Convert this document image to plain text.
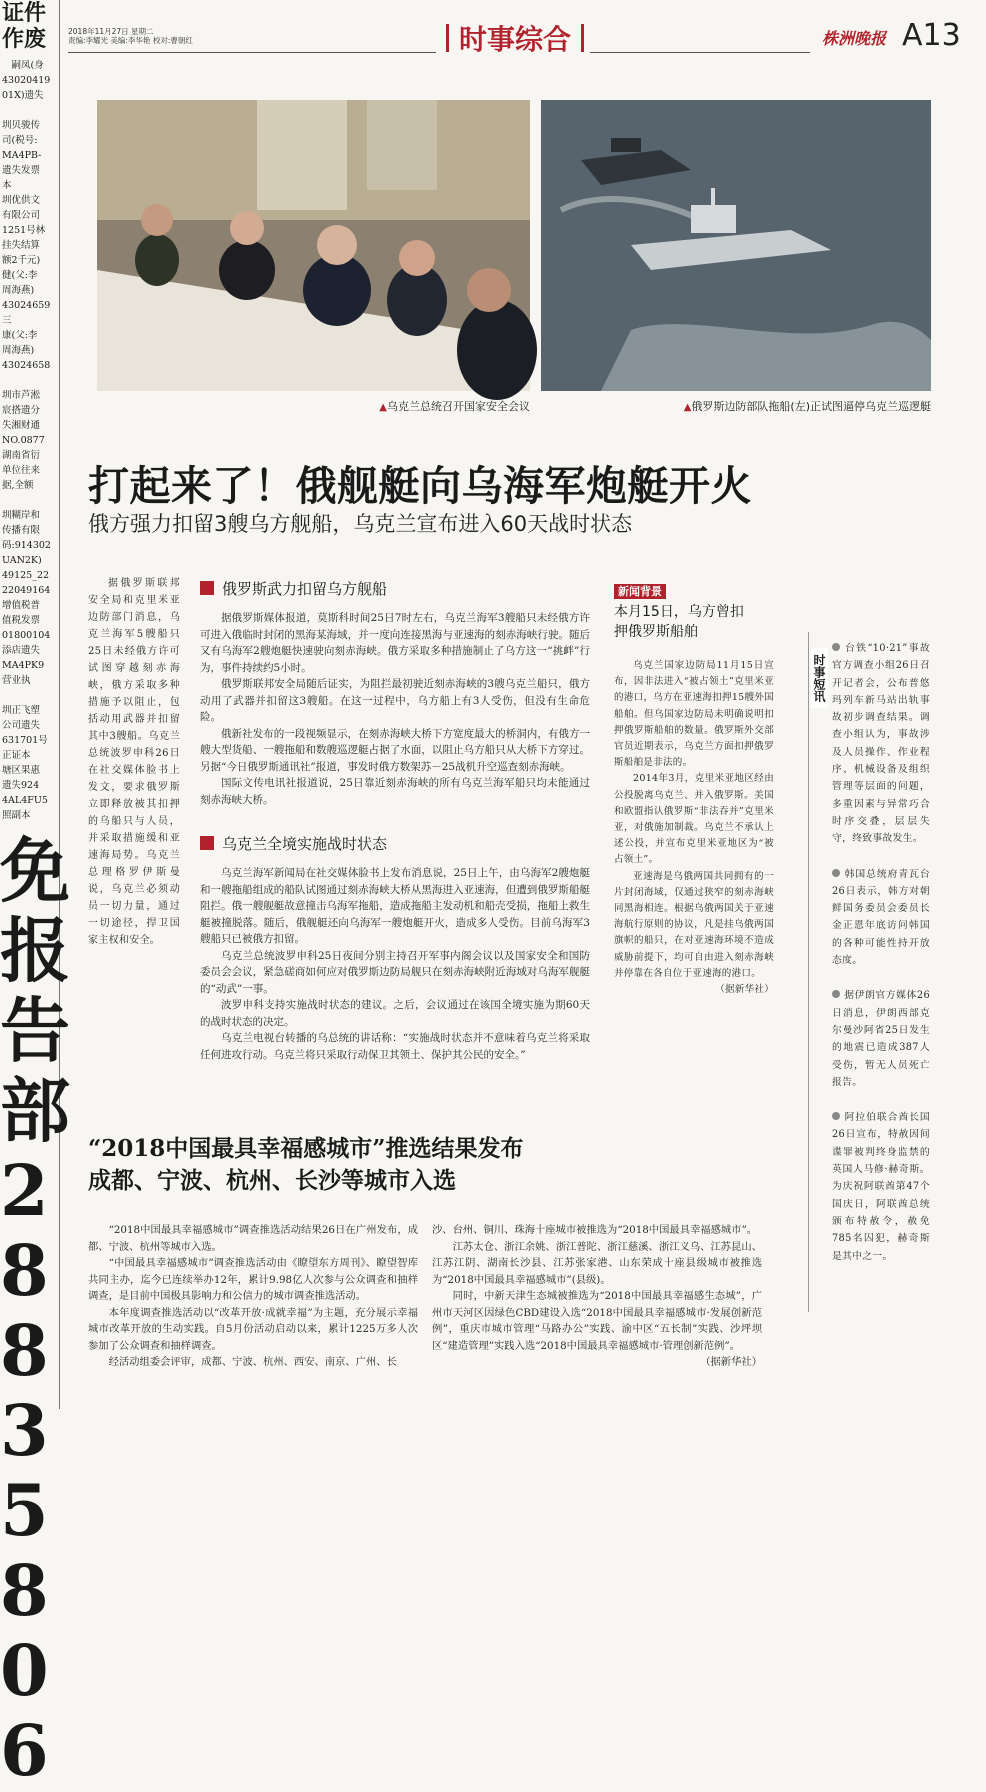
证件
作废
　嗣凤(身
43020419
01X)遗失
圳贝骏传
司(税号:
MA4PB-
遗失发票
本
圳优供文
有限公司
1251号林
挂失结算
额2千元)
健(父:李
周海燕)
43024659
三
康(父:李
周海燕)
43024658
圳市芦淞
宸搭遗分
失湘财通
NO.0877
湖南省衍
单位往来
据,全额
圳糊岸和
传播有限
码:914302
UAN2K)
49125_22
22049164
增值税普
值税发票
01800104
添店遗失
MA4PK9
营业执
圳正飞塑
公司遗失
631701号
正证本
塘区果惠
遗失924
4AL4FU5
照副本
免
报
告
部
2
8
8
3
5
8
0
6
2018年11月27日 星期二
责编:李耀光 美编:李华艳 校对:曹朝红	时事综合	株洲晚报 A13
▲乌克兰总统召开国家安全会议	▲俄罗斯边防部队拖船(左)正试图逼停乌克兰巡逻艇
打起来了！俄舰艇向乌海军炮艇开火
俄方强力扣留3艘乌方舰船，乌克兰宣布进入60天战时状态

据俄罗斯联邦安全局和克里米亚边防部门消息，乌克兰海军5艘船只25日未经俄方许可试图穿越刻赤海峡，俄方采取多种措施予以阻止，包括动用武器并扣留其中3艘船。乌克兰总统波罗申科26日在社交媒体脸书上发文，要求俄罗斯立即释放被其扣押的乌船只与人员，并采取措施缓和亚速海局势。乌克兰总理格罗伊斯曼说，乌克兰必须动员一切力量，通过一切途径，捍卫国家主权和安全。

俄罗斯武力扣留乌方舰船

据俄罗斯媒体报道，莫斯科时间25日7时左右，乌克兰海军3艘船只未经俄方许可进入俄临时封闭的黑海某海域，并一度向连接黑海与亚速海的刻赤海峡行驶。随后又有乌海军2艘炮艇快速驶向刻赤海峡。俄方采取多种措施制止了乌方这一“挑衅”行为，事件持续约5小时。

俄罗斯联邦安全局随后证实，为阻拦最初驶近刻赤海峡的3艘乌克兰船只，俄方动用了武器并扣留这3艘船。在这一过程中，乌方船上有3人受伤，但没有生命危险。

俄新社发布的一段视频显示，在刻赤海峡大桥下方宽度最大的桥洞内，有俄方一艘大型货船、一艘拖船和数艘巡逻艇占据了水面，以阻止乌方船只从大桥下方穿过。另据“今日俄罗斯通讯社”报道，事发时俄方数架苏－25战机升空巡查刻赤海峡。

国际文传电讯社报道说，25日靠近刻赤海峡的所有乌克兰海军船只均未能通过刻赤海峡大桥。

乌克兰全境实施战时状态

乌克兰海军新闻局在社交媒体脸书上发布消息说，25日上午，由乌海军2艘炮艇和一艘拖船组成的船队试图通过刻赤海峡大桥从黑海进入亚速海，但遭到俄罗斯船艇阻拦。俄一艘舰艇故意撞击乌海军拖船，造成拖船主发动机和船壳受损，拖船上救生艇被撞脱落。随后，俄舰艇还向乌海军一艘炮艇开火，造成多人受伤。目前乌海军3艘船只已被俄方扣留。

乌克兰总统波罗申科25日夜间分别主持召开军事内阁会议以及国家安全和国防委员会会议，紧急磋商如何应对俄罗斯边防局舰只在刻赤海峡附近海域对乌海军舰艇的“动武”一事。

波罗申科支持实施战时状态的建议。之后，会议通过在该国全境实施为期60天的战时状态的决定。

乌克兰电视台转播的乌总统的讲话称：“实施战时状态并不意味着乌克兰将采取任何进攻行动。乌克兰将只采取行动保卫其领土、保护其公民的安全。”

新闻背景
本月15日，乌方曾扣
押俄罗斯船舶

乌克兰国家边防局11月15日宣布，因非法进入“被占领土”克里米亚的港口，乌方在亚速海扣押15艘外国船舶。但乌国家边防局未明确说明扣押俄罗斯船舶的数量。俄罗斯外交部官员近期表示，乌克兰方面扣押俄罗斯船舶是非法的。

2014年3月，克里米亚地区经由公投脱离乌克兰、并入俄罗斯。美国和欧盟指认俄罗斯“非法吞并”克里米亚，对俄施加制裁。乌克兰不承认上述公投，并宣布克里米亚地区为“被占领土”。

亚速海是乌俄两国共同拥有的一片封闭海域，仅通过狭窄的刻赤海峡同黑海相连。根据乌俄两国关于亚速海航行原则的协议，凡是挂乌俄两国旗帜的船只，在对亚速海环境不造成威胁前提下，均可自由进入刻赤海峡并停靠在各自位于亚速海的港口。

（据新华社）
时事短讯

台铁“10·21”事故官方调查小组26日召开记者会，公布普悠玛列车新马站出轨事故初步调查结果。调查小组认为，事故涉及人员操作、作业程序、机械设备及组织管理等层面的问题，多重因素与异常巧合时序交叠，层层失守，终致事故发生。

韩国总统府青瓦台26日表示，韩方对朝鲜国务委员会委员长金正恩年底访问韩国的各种可能性持开放态度。

据伊朗官方媒体26日消息，伊朗西部克尔曼沙阿省25日发生的地震已造成387人受伤，暂无人员死亡报告。

阿拉伯联合酋长国26日宣布，特赦因间谍罪被判终身监禁的英国人马修·赫奇斯。为庆祝阿联酋第47个国庆日，阿联酋总统颁布特赦令，赦免785名囚犯，赫奇斯是其中之一。

“2018中国最具幸福感城市”推选结果发布
成都、宁波、杭州、长沙等城市入选

“2018中国最具幸福感城市”调查推选活动结果26日在广州发布，成都、宁波、杭州等城市入选。

“中国最具幸福感城市”调查推选活动由《瞭望东方周刊》、瞭望智库共同主办，迄今已连续举办12年，累计9.98亿人次参与公众调查和抽样调查，是目前中国极具影响力和公信力的城市调查推选活动。

本年度调查推选活动以“改革开放·成就幸福”为主题，充分展示幸福城市改革开放的生动实践。自5月份活动启动以来，累计1225万多人次参加了公众调查和抽样调查。

经活动组委会评审，成都、宁波、杭州、西安、南京、广州、长

沙、台州、铜川、珠海十座城市被推选为“2018中国最具幸福感城市”。

江苏太仓、浙江余姚、浙江普陀、浙江慈溪、浙江义乌、江苏昆山、江苏江阴、湖南长沙县、江苏张家港、山东荣成十座县级城市被推选为“2018中国最具幸福感城市”(县级)。

同时，中新天津生态城被推选为“2018中国最具幸福感生态城”，广州市天河区因绿色CBD建设入选“2018中国最具幸福感城市·发展创新范例”，重庆市城市管理“马路办公”实践、渝中区“五长制”实践、沙坪坝区“建造管理”实践入选“2018中国最具幸福感城市·管理创新范例”。

（据新华社）
